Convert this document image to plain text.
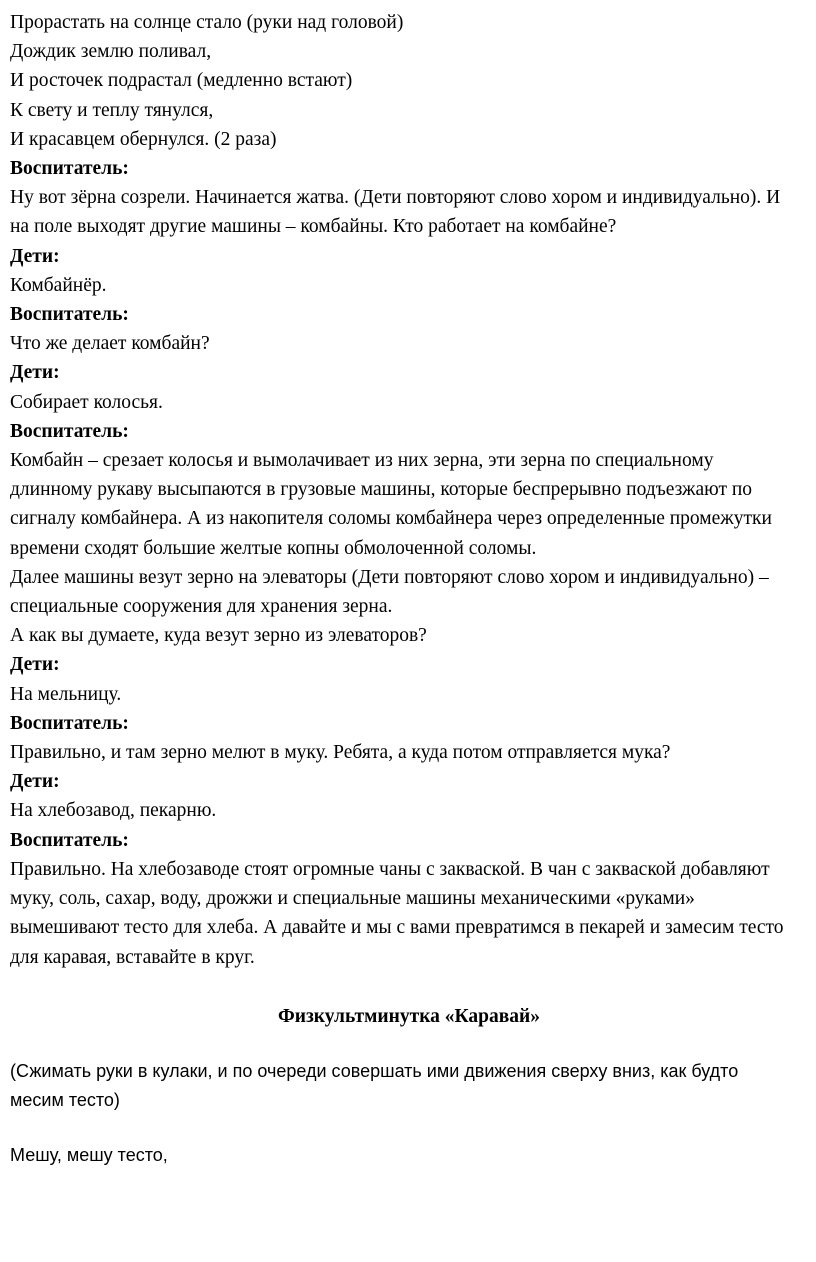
Прорастать на солнце стало (руки над головой)
Дождик землю поливал,
И росточек подрастал (медленно встают)
К свету и теплу тянулся,
И красавцем обернулся. (2 раза)
Воспитатель:
Ну вот зёрна созрели. Начинается жатва. (Дети повторяют слово хором и индивидуально). И на поле выходят другие машины – комбайны. Кто работает на комбайне?
Дети:
Комбайнёр.
Воспитатель:
Что же делает комбайн?
Дети:
Собирает колосья.
Воспитатель:
Комбайн – срезает колосья и вымолачивает из них зерна, эти зерна по специальному длинному рукаву высыпаются в грузовые машины, которые беспрерывно подъезжают по сигналу комбайнера. А из накопителя соломы комбайнера через определенные промежутки времени сходят большие желтые копны обмолоченной соломы.
Далее машины везут зерно на элеваторы (Дети повторяют слово хором и индивидуально) – специальные сооружения для хранения зерна.
А как вы думаете, куда везут зерно из элеваторов?
Дети:
На мельницу.
Воспитатель:
Правильно, и там зерно мелют в муку. Ребята, а куда потом отправляется мука?
Дети:
На хлебозавод, пекарню.
Воспитатель:
Правильно. На хлебозаводе стоят огромные чаны с закваской. В чан с закваской добавляют муку, соль, сахар, воду, дрожжи и специальные машины механическими «руками» вымешивают тесто для хлеба. А давайте и мы с вами превратимся в пекарей и замесим тесто для каравая, вставайте в круг.
Физкультминутка «Каравай»
(Сжимать руки в кулаки, и по очереди совершать ими движения сверху вниз, как будто месим тесто)
Мешу, мешу тесто,
